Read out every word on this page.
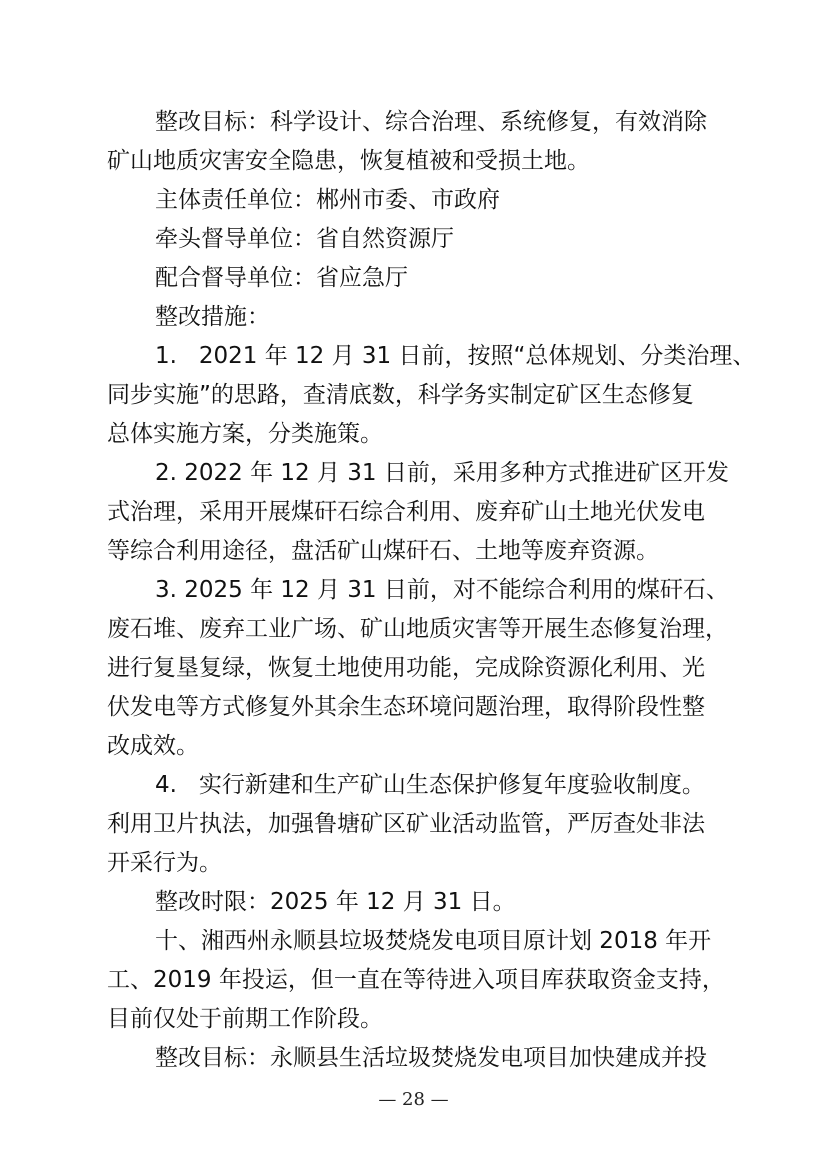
整改目标：科学设计、综合治理、系统修复，有效消除
矿山地质灾害安全隐患，恢复植被和受损土地。
主体责任单位：郴州市委、市政府
牵头督导单位：省自然资源厅
配合督导单位：省应急厅
整改措施：
1.   2021 年 12 月 31 日前，按照“总体规划、分类治理、
同步实施”的思路，查清底数，科学务实制定矿区生态修复
总体实施方案，分类施策。
2. 2022 年 12 月 31 日前，采用多种方式推进矿区开发
式治理，采用开展煤矸石综合利用、废弃矿山土地光伏发电
等综合利用途径，盘活矿山煤矸石、土地等废弃资源。
3. 2025 年 12 月 31 日前，对不能综合利用的煤矸石、
废石堆、废弃工业广场、矿山地质灾害等开展生态修复治理，
进行复垦复绿，恢复土地使用功能，完成除资源化利用、光
伏发电等方式修复外其余生态环境问题治理，取得阶段性整
改成效。
4.   实行新建和生产矿山生态保护修复年度验收制度。
利用卫片执法，加强鲁塘矿区矿业活动监管，严厉查处非法
开采行为。
整改时限：2025 年 12 月 31 日。
十、湘西州永顺县垃圾焚烧发电项目原计划 2018 年开
工、2019 年投运，但一直在等待进入项目库获取资金支持，
目前仅处于前期工作阶段。
整改目标：永顺县生活垃圾焚烧发电项目加快建成并投
— 28 —
